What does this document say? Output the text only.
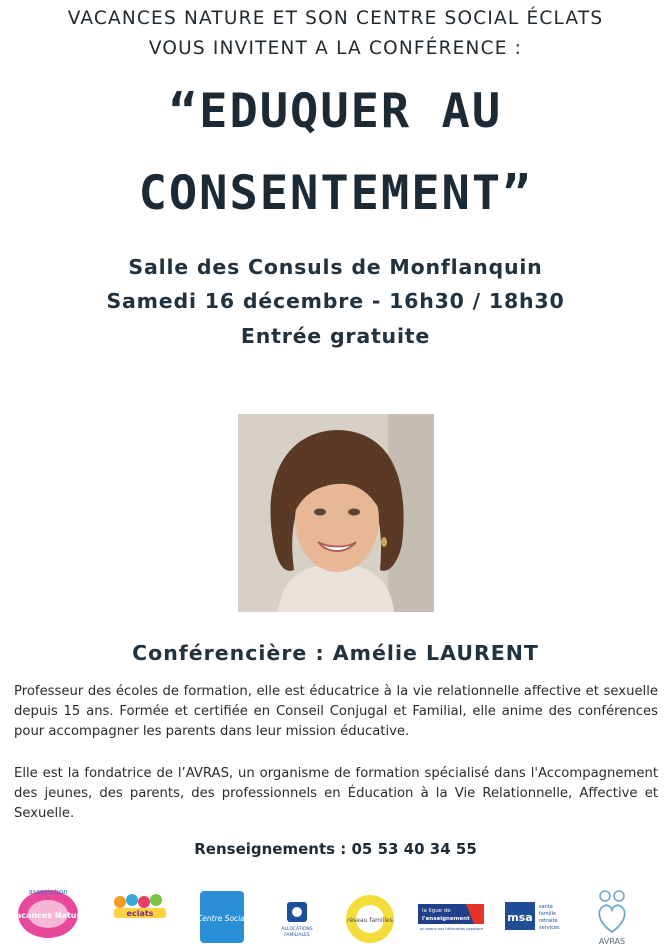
VACANCES NATURE ET SON CENTRE SOCIAL ÉCLATS
VOUS INVITENT A LA CONFÉRENCE :
“EDUQUER AU
CONSENTEMENT”
Salle des Consuls de Monflanquin
Samedi 16 décembre - 16h30 / 18h30
Entrée gratuite
Conférencière : Amélie LAURENT
Professeur des écoles de formation, elle est éducatrice à la vie relationnelle affective et sexuelle depuis 15 ans. Formée et certifiée en Conseil Conjugal et Familial, elle anime des conférences pour accompagner les parents dans leur mission éducative.
Elle est la fondatrice de l’AVRAS, un organisme de formation spécialisé dans l'Accompagnement des jeunes, des parents, des professionnels en Éducation à la Vie Relationnelle, Affective et Sexuelle.
Renseignements : 05 53 40 34 55
association
Vacances Nature	eclats
Centre Social
ALLOCATIONS
FAMILIALES
réseau familles
la ligue de
l'enseignement
un avenir par l'éducation populaire
msa
santé
famille
retraite
services
AVRAS
